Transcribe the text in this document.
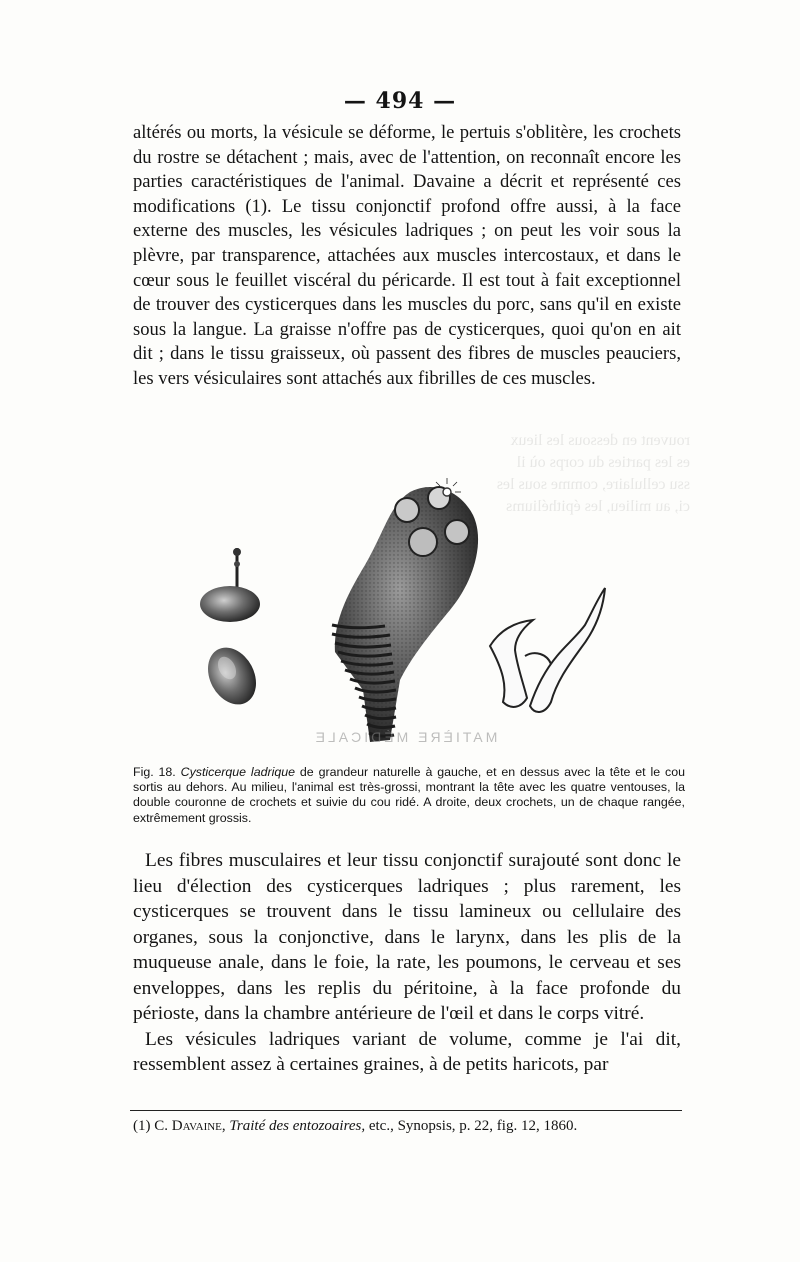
rouvent en dessous les lieux
es les parties du corps où il
ssu cellulaire, comme sous les
ci, au milieu, les épithéliums
— 494 —

altérés ou morts, la vésicule se déforme, le pertuis s'oblitère, les crochets du rostre se détachent ; mais, avec de l'attention, on reconnaît encore les parties caractéristiques de l'animal. Davaine a décrit et représenté ces modifications (1). Le tissu conjonctif profond offre aussi, à la face externe des muscles, les vésicules ladriques ; on peut les voir sous la plèvre, par transparence, attachées aux muscles intercostaux, et dans le cœur sous le feuillet viscéral du péricarde. Il est tout à fait exceptionnel de trouver des cysticerques dans les muscles du porc, sans qu'il en existe sous la langue. La graisse n'offre pas de cysticerques, quoi qu'on en ait dit ; dans le tissu graisseux, où passent des fibres de muscles peauciers, les vers vésiculaires sont attachés aux fibrilles de ces muscles.

MATIÈRE MÉDICALE
Fig. 18. Cysticerque ladrique de grandeur naturelle à gauche, et en dessus avec la tête et le cou sortis au dehors. Au milieu, l'animal est très-grossi, montrant la tête avec les quatre ventouses, la double couronne de crochets et suivie du cou ridé. A droite, deux crochets, un de chaque rangée, extrêmement grossis.

Les fibres musculaires et leur tissu conjonctif surajouté sont donc le lieu d'élection des cysticerques ladriques ; plus rarement, les cysticerques se trouvent dans le tissu lamineux ou cellulaire des organes, sous la conjonctive, dans le larynx, dans les plis de la muqueuse anale, dans le foie, la rate, les poumons, le cerveau et ses enveloppes, dans les replis du péritoine, à la face profonde du périoste, dans la chambre antérieure de l'œil et dans le corps vitré.

Les vésicules ladriques variant de volume, comme je l'ai dit, ressemblent assez à certaines graines, à de petits haricots, par

(1) C. Davaine, Traité des entozoaires, etc., Synopsis, p. 22, fig. 12, 1860.
